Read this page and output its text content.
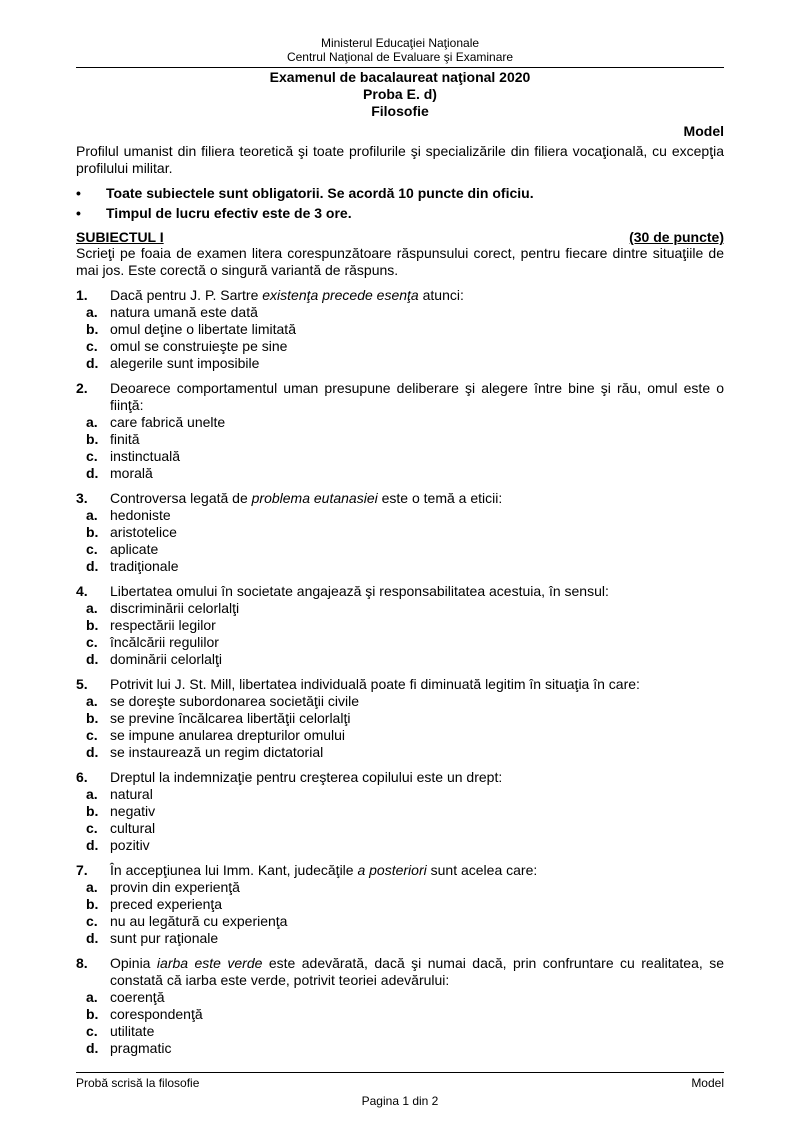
Ministerul Educaţiei Naţionale
Centrul Naţional de Evaluare şi Examinare
Examenul de bacalaureat naţional 2020
Proba E. d)
Filosofie
Model
Profilul umanist din filiera teoretică şi toate profilurile şi specializările din filiera vocaţională, cu excepţia profilului militar.
•	Toate subiectele sunt obligatorii. Se acordă 10 puncte din oficiu.
•	Timpul de lucru efectiv este de 3 ore.
SUBIECTUL I	(30 de puncte)
Scrieţi pe foaia de examen litera corespunzătoare răspunsului corect, pentru fiecare dintre situaţiile de mai jos. Este corectă o singură variantă de răspuns.
1.	Dacă pentru J. P. Sartre existenţa precede esenţa atunci:
a. natura umană este dată
b. omul deţine o libertate limitată
c. omul se construieşte pe sine
d. alegerile sunt imposibile
2.	Deoarece comportamentul uman presupune deliberare şi alegere între bine şi rău, omul este o fiinţă:
a. care fabrică unelte
b. finită
c. instinctuală
d. morală
3.	Controversa legată de problema eutanasiei este o temă a eticii:
a. hedoniste
b. aristotelice
c. aplicate
d. tradiţionale
4.	Libertatea omului în societate angajează şi responsabilitatea acestuia, în sensul:
a. discriminării celorlalţi
b. respectării legilor
c. încălcării regulilor
d. dominării celorlalţi
5.	Potrivit lui J. St. Mill, libertatea individuală poate fi diminuată legitim în situaţia în care:
a. se doreşte subordonarea societăţii civile
b. se previne încălcarea libertăţii celorlalţi
c. se impune anularea drepturilor omului
d. se instaurează un regim dictatorial
6.	Dreptul la indemnizaţie pentru creşterea copilului este un drept:
a. natural
b. negativ
c. cultural
d. pozitiv
7.	În accepţiunea lui Imm. Kant, judecăţile a posteriori sunt acelea care:
a. provin din experienţă
b. preced experienţa
c. nu au legătură cu experienţa
d. sunt pur raţionale
8.	Opinia iarba este verde este adevărată, dacă şi numai dacă, prin confruntare cu realitatea, se constată că iarba este verde, potrivit teoriei adevărului:
a. coerenţă
b. corespondenţă
c. utilitate
d. pragmatic
Probă scrisă la filosofie	Model
Pagina 1 din 2
